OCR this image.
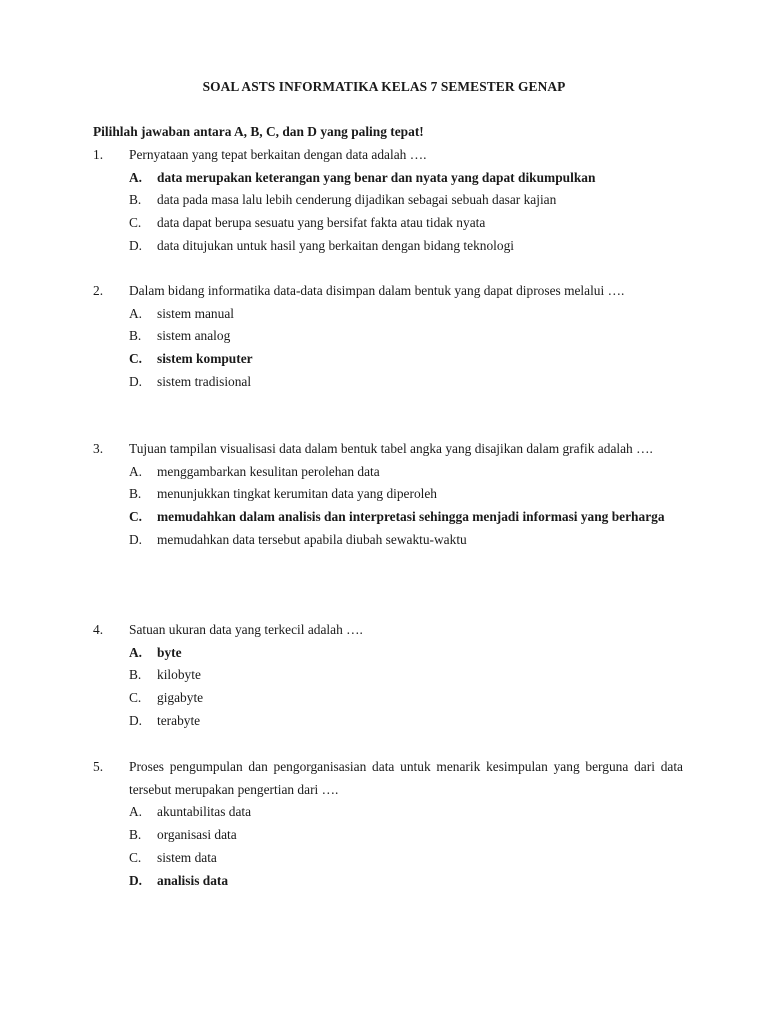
SOAL ASTS INFORMATIKA KELAS 7 SEMESTER GENAP
Pilihlah jawaban antara A, B, C, dan D yang paling tepat!
1.	Pernyataan yang tepat berkaitan dengan data adalah ….
A.	data merupakan keterangan yang benar dan nyata yang dapat dikumpulkan
B.	data pada masa lalu lebih cenderung dijadikan sebagai sebuah dasar kajian
C.	data dapat berupa sesuatu yang bersifat fakta atau tidak nyata
D.	data ditujukan untuk hasil yang berkaitan dengan bidang teknologi
2.	Dalam bidang informatika data-data disimpan dalam bentuk yang dapat diproses melalui ….
A.	sistem manual
B.	sistem analog
C.	sistem komputer
D.	sistem tradisional
3.	Tujuan tampilan visualisasi data dalam bentuk tabel angka yang disajikan dalam grafik adalah ….
A.	menggambarkan kesulitan perolehan data
B.	menunjukkan tingkat kerumitan data yang diperoleh
C.	memudahkan dalam analisis dan interpretasi sehingga menjadi informasi yang berharga
D.	memudahkan data tersebut apabila diubah sewaktu-waktu
4.	Satuan ukuran data yang terkecil adalah ….
A.	byte
B.	kilobyte
C.	gigabyte
D.	terabyte
5.	Proses pengumpulan dan pengorganisasian data untuk menarik kesimpulan yang berguna dari data tersebut merupakan pengertian dari ….
A.	akuntabilitas data
B.	organisasi data
C.	sistem data
D.	analisis data
